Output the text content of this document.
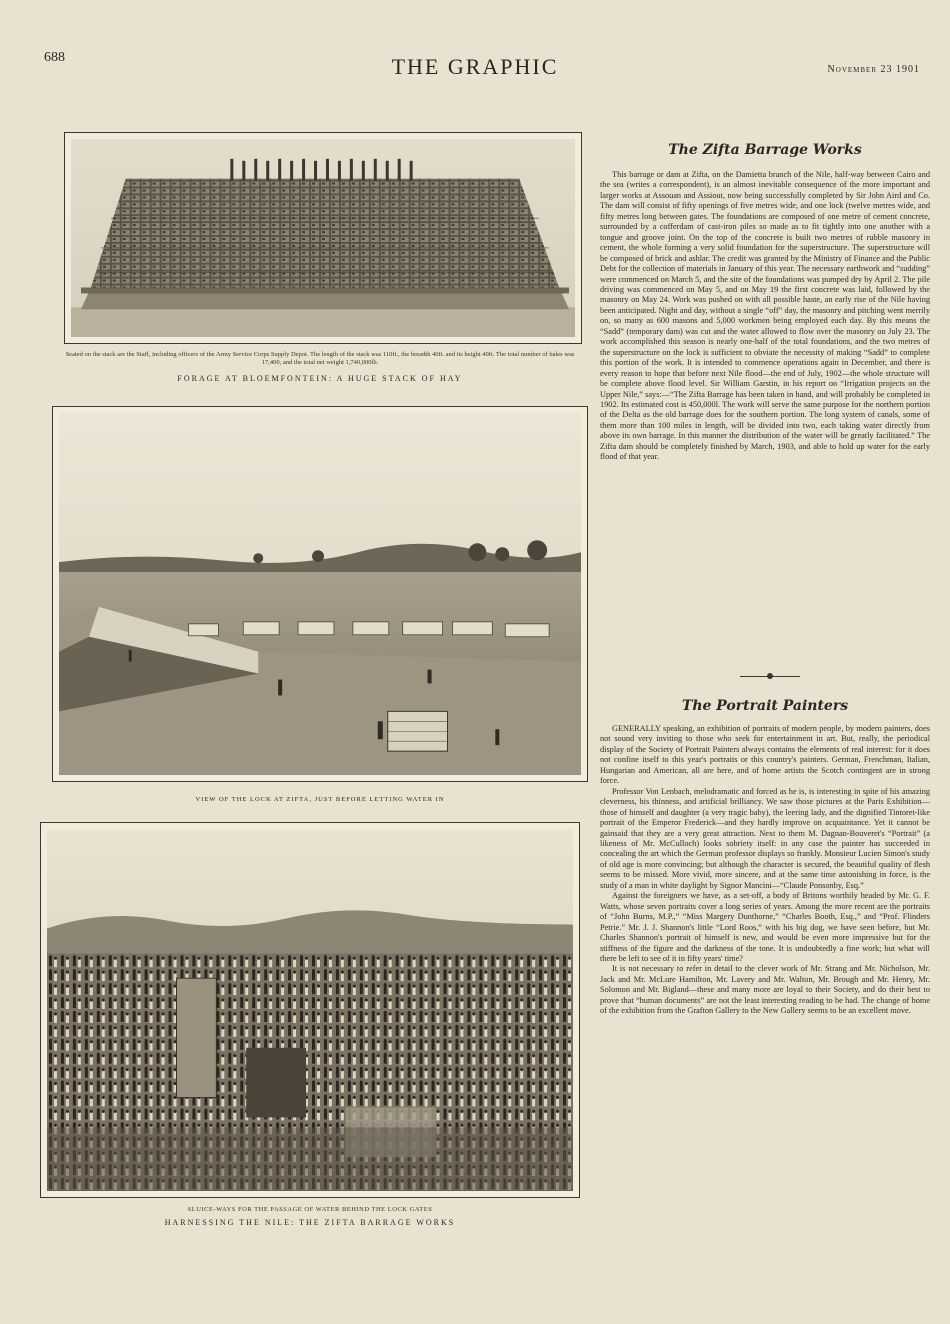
688	THE GRAPHIC	November 23 1901
Seated on the stack are the Staff, including officers of the Army Service Corps Supply Depot. The length of the stack was 110ft., the breadth 40ft. and its height 40ft. The total number of bales was 17,400, and the total net weight 1,740,000lb.
FORAGE AT BLOEMFONTEIN: A HUGE STACK OF HAY
VIEW OF THE LOCK AT ZIFTA, JUST BEFORE LETTING WATER IN
SLUICE-WAYS FOR THE PASSAGE OF WATER BEHIND THE LOCK GATES
HARNESSING THE NILE: THE ZIFTA BARRAGE WORKS
The Zifta Barrage Works

This barrage or dam at Zifta, on the Damietta branch of the Nile, half-way between Cairo and the sea (writes a correspondent), is an almost inevitable consequence of the more important and larger works at Assouan and Assiout, now being successfully completed by Sir John Aird and Co. The dam will consist of fifty openings of five metres wide, and one lock (twelve metres wide, and fifty metres long between gates. The foundations are composed of one metre of cement concrete, surrounded by a cofferdam of cast-iron piles so made as to fit tightly into one another with a tongue and groove joint. On the top of the concrete is built two metres of rubble masonry in cement, the whole forming a very solid foundation for the superstructure. The superstructure will be composed of brick and ashlar. The credit was granted by the Ministry of Finance and the Public Debt for the collection of materials in January of this year. The necessary earthwork and “sudding” were commenced on March 5, and the site of the foundations was pumped dry by April 2. The pile driving was commenced on May 5, and on May 19 the first concrete was laid, followed by the masonry on May 24. Work was pushed on with all possible haste, an early rise of the Nile having been anticipated. Night and day, without a single “off” day, the masonry and pitching went merrily on, so many as 600 masons and 5,000 workmen being employed each day. By this means the “Sadd” (temporary dam) was cut and the water allowed to flow over the masonry on July 23. The work accomplished this season is nearly one-half of the total foundations, and the two metres of the superstructure on the lock is sufficient to obviate the necessity of making “Sadd” to complete this portion of the work. It is intended to commence operations again in December, and there is every reason to hope that before next Nile flood—the end of July, 1902—the whole structure will be complete above flood level. Sir William Garstin, in his report on “Irrigation projects on the Upper Nile,” says:—“The Zifta Barrage has been taken in hand, and will probably be completed in 1902. Its estimated cost is 450,000l. The work will serve the same purpose for the northern portion of the Delta as the old barrage does for the southern portion. The long system of canals, some of them more than 100 miles in length, will be divided into two, each taking water directly from above its own barrage. In this manner the distribution of the water will be greatly facilitated.” The Zifta dam should be completely finished by March, 1903, and able to hold up water for the early flood of that year.

The Portrait Painters

GENERALLY speaking, an exhibition of portraits of modern people, by modern painters, does not sound very inviting to those who seek for entertainment in art. But, really, the periodical display of the Society of Portrait Painters always contains the elements of real interest: for it does not confine itself to this year's portraits or this country's painters. German, Frenchman, Italian, Hungarian and American, all are here, and of home artists the Scotch contingent are in strong force.

Professor Von Lenbach, melodramatic and forced as he is, is interesting in spite of his amazing cleverness, his thinness, and artificial brilliancy. We saw those pictures at the Paris Exhibition—those of himself and daughter (a very tragic baby), the leering lady, and the dignified Tintoret-like portrait of the Emperor Frederick—and they hardly improve on acquaintance. Yet it cannot be gainsaid that they are a very great attraction. Next to them M. Dagnan-Bouveret's “Portrait” (a likeness of Mr. McCulloch) looks sobriety itself: in any case the painter has succeeded in concealing the art which the German professor displays so frankly. Monsieur Lucien Simon's study of old age is more convincing; but although the character is secured, the beautiful quality of flesh seems to be missed. More vivid, more sincere, and at the same time astonishing in force, is the study of a man in white daylight by Signor Mancini—“Claude Ponsonby, Esq.”

Against the foreigners we have, as a set-off, a body of Britons worthily headed by Mr. G. F. Watts, whose seven portraits cover a long series of years. Among the more recent are the portraits of “John Burns, M.P.,” “Miss Margery Dunthorne,” “Charles Booth, Esq.,” and “Prof. Flinders Petrie.” Mr. J. J. Shannon's little “Lord Roos,” with his big dog, we have seen before, but Mr. Charles Shannon's portrait of himself is new, and would be even more impressive but for the stiffness of the figure and the darkness of the tone. It is undoubtedly a fine work; but what will there be left to see of it in fifty years' time?

It is not necessary to refer in detail to the clever work of Mr. Strang and Mr. Nicholson, Mr. Jack and Mr. McLure Hamilton, Mr. Lavery and Mr. Walton, Mr. Brough and Mr. Henry, Mr. Solomon and Mr. Bigland—these and many more are loyal to their Society, and do their best to prove that “human documents” are not the least interesting reading to be had. The change of home of the exhibition from the Grafton Gallery to the New Gallery seems to be an excellent move.
